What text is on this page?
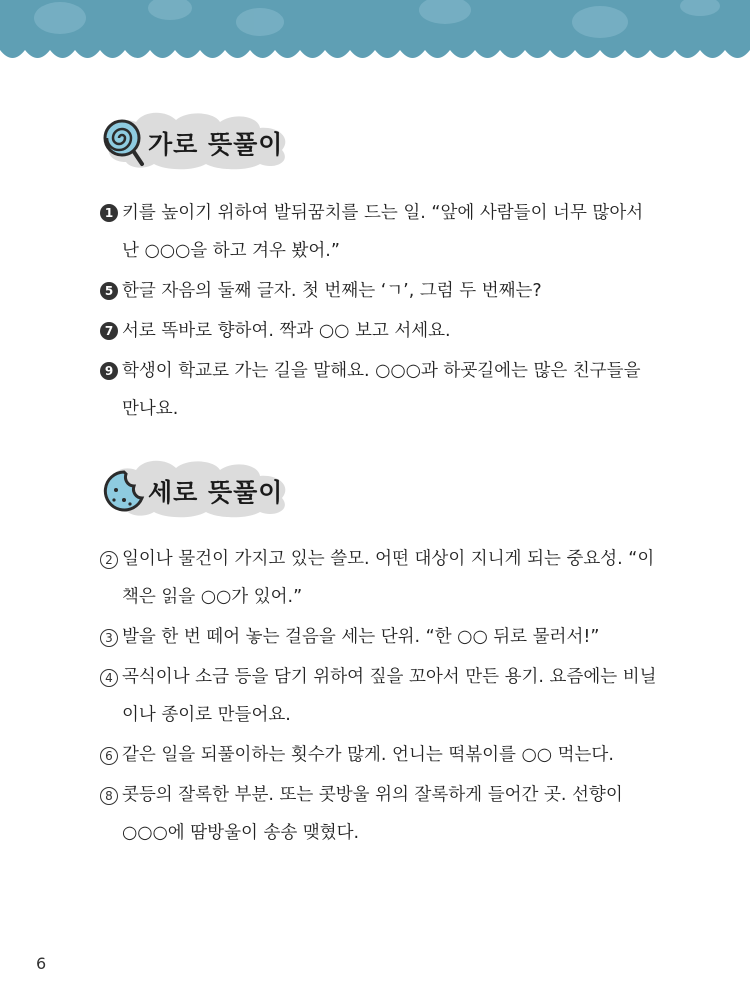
가로 뜻풀이
1 키를 높이기 위하여 발뒤꿈치를 드는 일. “앞에 사람들이 너무 많아서 난 ○○○을 하고 겨우 봤어.”
5 한글 자음의 둘째 글자. 첫 번째는 ‘ㄱ’, 그럼 두 번째는?
7 서로 똑바로 향하여. 짝과 ○○ 보고 서세요.
9 학생이 학교로 가는 길을 말해요. ○○○과 하굣길에는 많은 친구들을 만나요.
세로 뜻풀이
2 일이나 물건이 가지고 있는 쓸모. 어떤 대상이 지니게 되는 중요성. “이 책은 읽을 ○○가 있어.”
3 발을 한 번 떼어 놓는 걸음을 세는 단위. “한 ○○ 뒤로 물러서!”
4 곡식이나 소금 등을 담기 위하여 짚을 꼬아서 만든 용기. 요즘에는 비닐이나 종이로 만들어요.
6 같은 일을 되풀이하는 횟수가 많게. 언니는 떡볶이를 ○○ 먹는다.
8 콧등의 잘록한 부분. 또는 콧방울 위의 잘록하게 들어간 곳. 선향이 ○○○에 땀방울이 송송 맺혔다.
6
